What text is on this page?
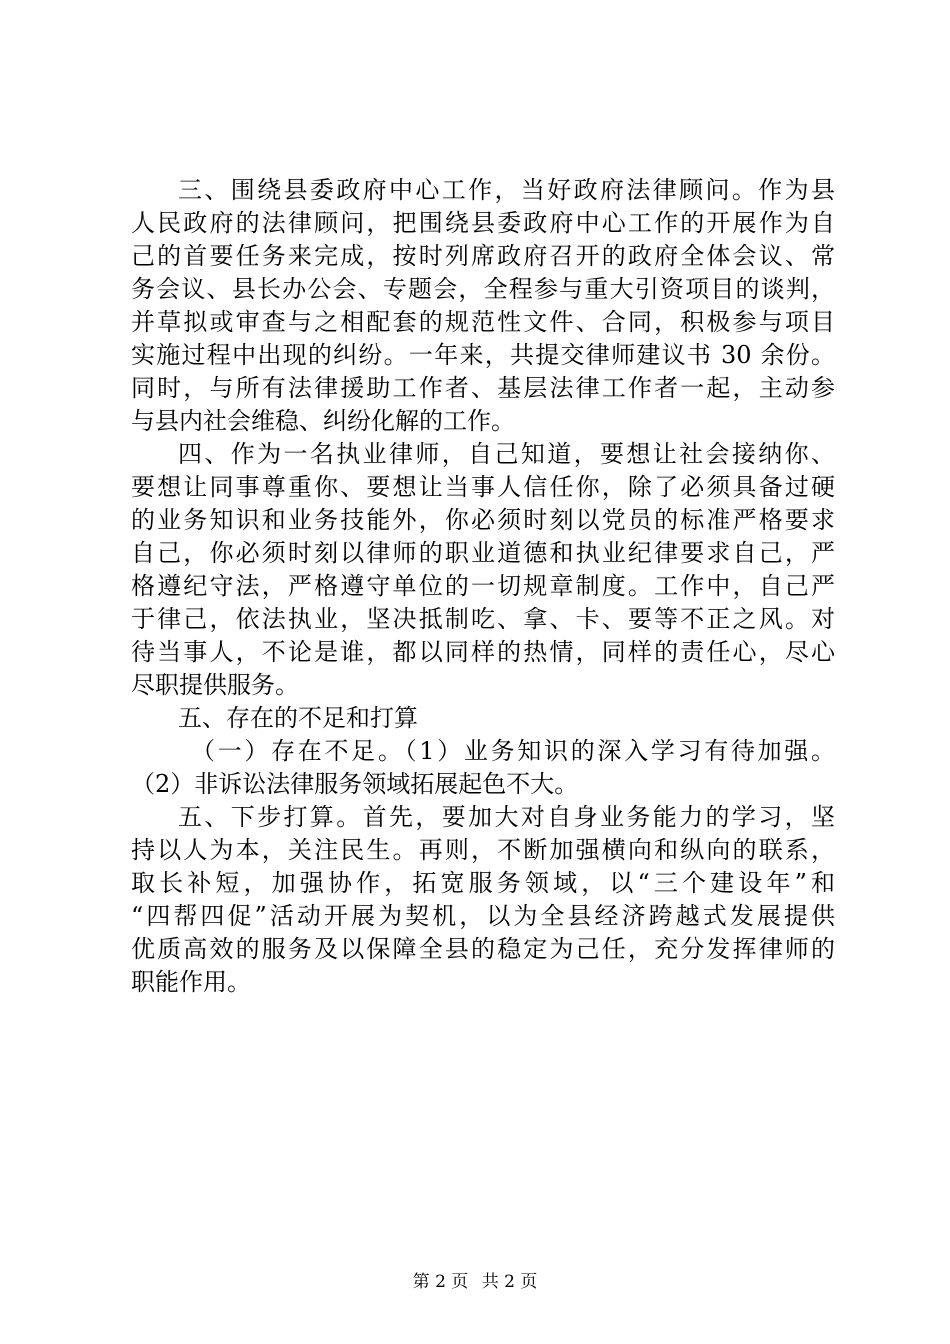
三、围绕县委政府中心工作，当好政府法律顾问。作为县
人民政府的法律顾问，把围绕县委政府中心工作的开展作为自
己的首要任务来完成，按时列席政府召开的政府全体会议、常
务会议、县长办公会、专题会，全程参与重大引资项目的谈判，
并草拟或审查与之相配套的规范性文件、合同，积极参与项目
实施过程中出现的纠纷。一年来，共提交律师建议书 30 余份。
同时，与所有法律援助工作者、基层法律工作者一起，主动参
与县内社会维稳、纠纷化解的工作。
四、作为一名执业律师，自己知道，要想让社会接纳你、
要想让同事尊重你、要想让当事人信任你，除了必须具备过硬
的业务知识和业务技能外，你必须时刻以党员的标准严格要求
自己，你必须时刻以律师的职业道德和执业纪律要求自己，严
格遵纪守法，严格遵守单位的一切规章制度。工作中，自己严
于律己，依法执业，坚决抵制吃、拿、卡、要等不正之风。对
待当事人，不论是谁，都以同样的热情，同样的责任心，尽心
尽职提供服务。
五、存在的不足和打算
（一）存在不足。（1）业务知识的深入学习有待加强。
（2）非诉讼法律服务领域拓展起色不大。
五、下步打算。首先，要加大对自身业务能力的学习，坚
持以人为本，关注民生。再则，不断加强横向和纵向的联系，
取长补短，加强协作，拓宽服务领域，以“三个建设年”和
“四帮四促”活动开展为契机，以为全县经济跨越式发展提供
优质高效的服务及以保障全县的稳定为己任，充分发挥律师的
职能作用。
第 2 页 共 2 页
